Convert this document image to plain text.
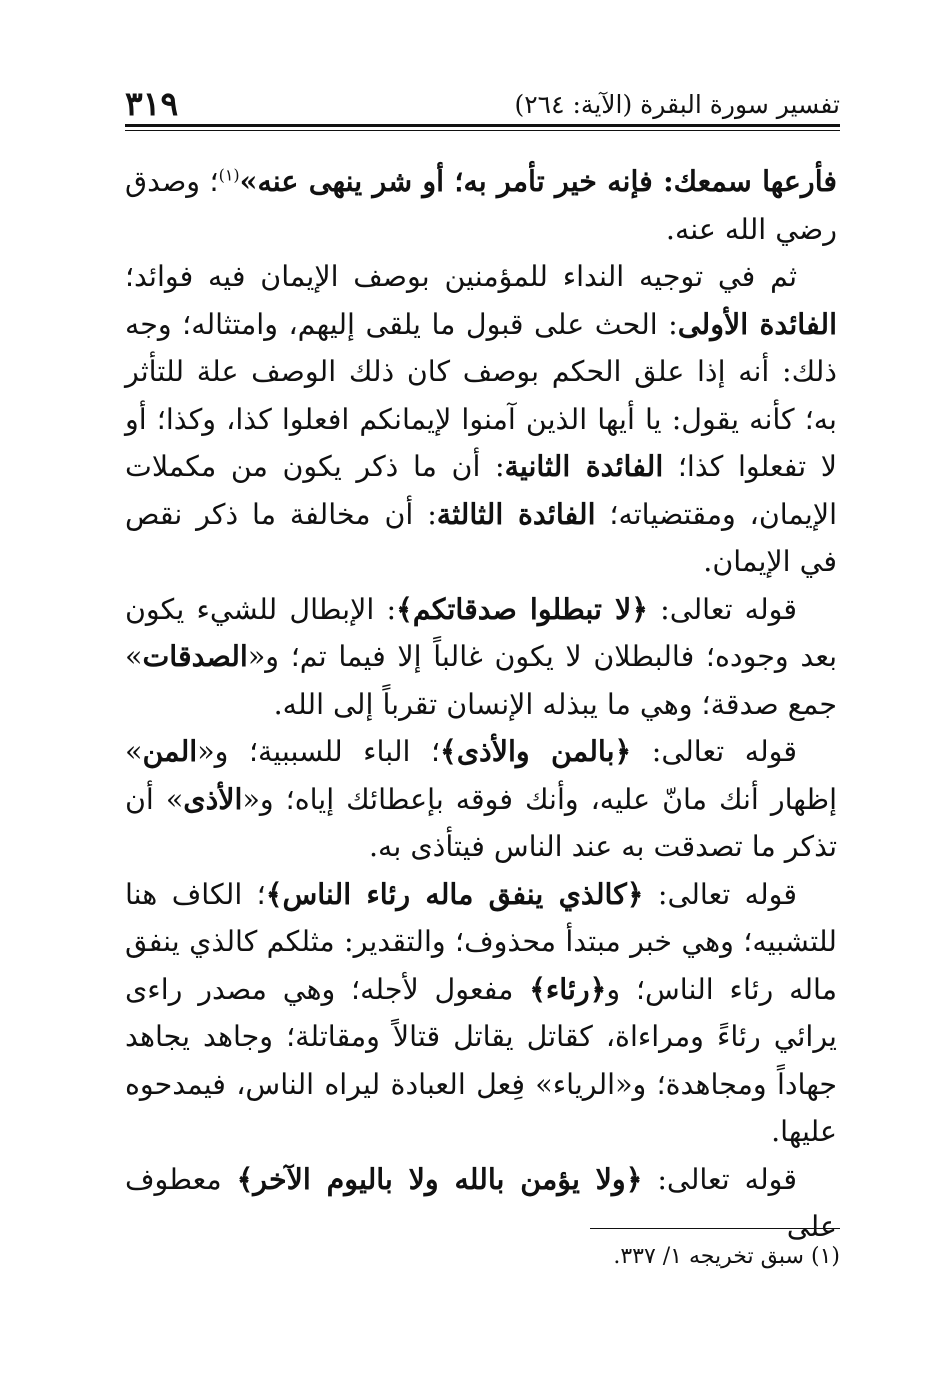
تفسير سورة البقرة (الآية: ٢٦٤)
٣١٩

فأرعها سمعك: فإنه خير تأمر به؛ أو شر ينهى عنه»$^{(١)}$؛ وصدق رضي الله عنه.

ثم في توجيه النداء للمؤمنين بوصف الإيمان فيه فوائد؛ الفائدة الأولى: الحث على قبول ما يلقى إليهم، وامتثاله؛ وجه ذلك: أنه إذا علق الحكم بوصف كان ذلك الوصف علة للتأثر به؛ كأنه يقول: يا أيها الذين آمنوا لإيمانكم افعلوا كذا، وكذا؛ أو لا تفعلوا كذا؛ الفائدة الثانية: أن ما ذكر يكون من مكملات الإيمان، ومقتضياته؛ الفائدة الثالثة: أن مخالفة ما ذكر نقص في الإيمان.

قوله تعالى: ﴿لا تبطلوا صدقاتكم﴾: الإبطال للشيء يكون بعد وجوده؛ فالبطلان لا يكون غالباً إلا فيما تم؛ و«الصدقات» جمع صدقة؛ وهي ما يبذله الإنسان تقرباً إلى الله.

قوله تعالى: ﴿بالمن والأذى﴾؛ الباء للسببية؛ و«المن» إظهار أنك مانّ عليه، وأنك فوقه بإعطائك إياه؛ و«الأذى» أن تذكر ما تصدقت به عند الناس فيتأذى به.

قوله تعالى: ﴿كالذي ينفق ماله رئاء الناس﴾؛ الكاف هنا للتشبيه؛ وهي خبر مبتدأ محذوف؛ والتقدير: مثلكم كالذي ينفق ماله رئاء الناس؛ و﴿رئاء﴾ مفعول لأجله؛ وهي مصدر راءى يرائي رئاءً ومراءاة، كقاتل يقاتل قتالاً ومقاتلة؛ وجاهد يجاهد جهاداً ومجاهدة؛ و«الرياء» فِعل العبادة ليراه الناس، فيمدحوه عليها.

قوله تعالى: ﴿ولا يؤمن بالله ولا باليوم الآخر﴾ معطوف على

(١) سبق تخريجه ١/ ٣٣٧.
